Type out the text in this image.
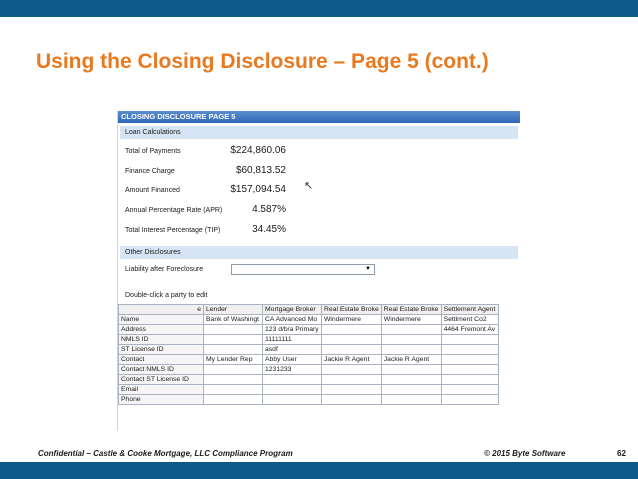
Using the Closing Disclosure – Page 5 (cont.)
CLOSING DISCLOSURE PAGE 5
Loan Calculations
Total of Payments	$224,860.06
Finance Charge	$60,813.52
Amount Financed	$157,094.54
Annual Percentage Rate (APR)	4.587%
Total Interest Percentage (TIP)	34.45%
↖
Other Disclosures
Liability after Foreclosure	▼
Double-click a party to edit
e	Lender	Mortgage Broker	Real Estate Broke	Real Estate Broke	Settlement Agent
Name	Bank of Washingt	CA Advanced Mo	Windermere	Windermere	Settlment Co2
Address		123 d/b/a Primary			4464 Fremont Av
NMLS ID		11111111			
ST License ID		asdf			
Contact	My Lender Rep	Abby User	Jackie R Agent	Jackie R Agent	
Contact NMLS ID		1231233			
Contact ST License ID					
Email					
Phone					
Confidential – Castle & Cooke Mortgage, LLC Compliance Program	© 2015 Byte Software	62
